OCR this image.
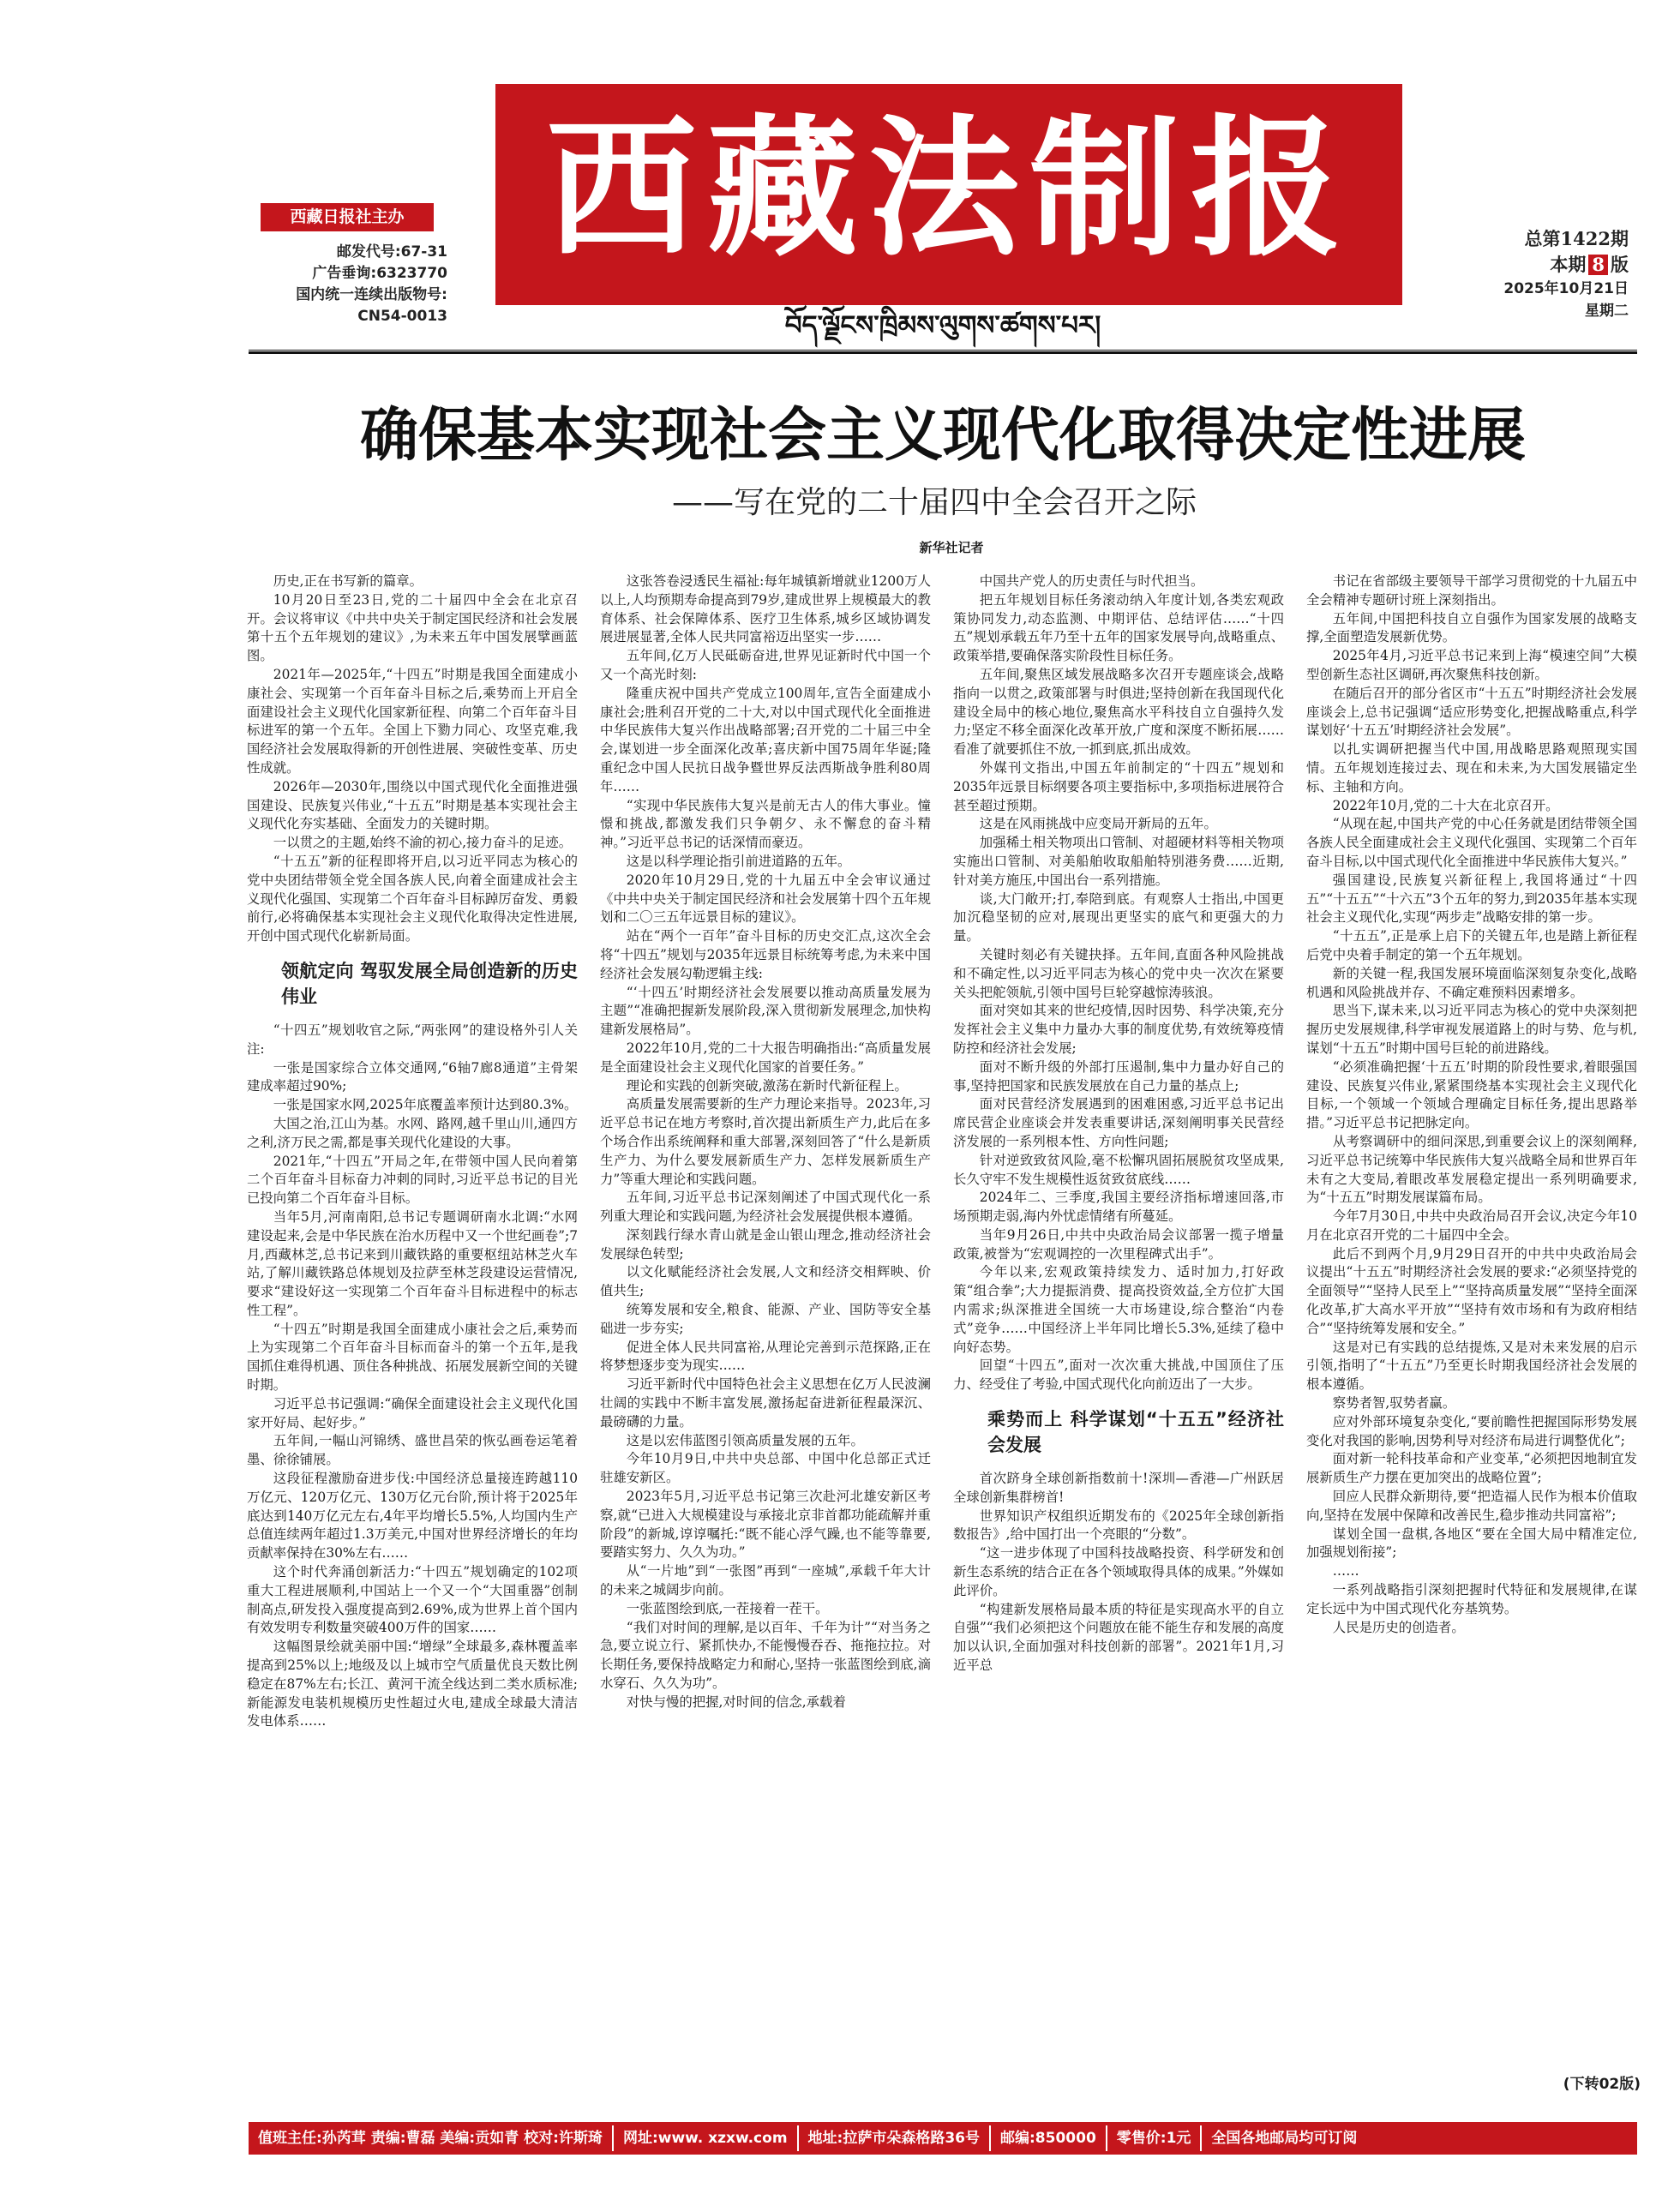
西藏法制报
西藏日报社主办
邮发代号:67-31
广告垂询:6323770
国内统一连续出版物号:
CN54-0013
总第1422期
本期 8 版
2025年10月21日
星期二
བོད་ལྗོངས་ཁྲིམས་ལུགས་ཚགས་པར།
确保基本实现社会主义现代化取得决定性进展
——写在党的二十届四中全会召开之际
新华社记者

历史,正在书写新的篇章。

10月20日至23日,党的二十届四中全会在北京召开。会议将审议《中共中央关于制定国民经济和社会发展第十五个五年规划的建议》,为未来五年中国发展擘画蓝图。

2021年—2025年,“十四五”时期是我国全面建成小康社会、实现第一个百年奋斗目标之后,乘势而上开启全面建设社会主义现代化国家新征程、向第二个百年奋斗目标进军的第一个五年。全国上下勠力同心、攻坚克难,我国经济社会发展取得新的开创性进展、突破性变革、历史性成就。

2026年—2030年,围绕以中国式现代化全面推进强国建设、民族复兴伟业,“十五五”时期是基本实现社会主义现代化夯实基础、全面发力的关键时期。

一以贯之的主题,始终不渝的初心,接力奋斗的足迹。

“十五五”新的征程即将开启,以习近平同志为核心的党中央团结带领全党全国各族人民,向着全面建成社会主义现代化强国、实现第二个百年奋斗目标踔厉奋发、勇毅前行,必将确保基本实现社会主义现代化取得决定性进展,开创中国式现代化崭新局面。

领航定向 驾驭发展全局创造新的历史伟业

“十四五”规划收官之际,“两张网”的建设格外引人关注:

一张是国家综合立体交通网,“6轴7廊8通道”主骨架建成率超过90%;

一张是国家水网,2025年底覆盖率预计达到80.3%。

大国之治,江山为基。水网、路网,越千里山川,通四方之利,济万民之需,都是事关现代化建设的大事。

2021年,“十四五”开局之年,在带领中国人民向着第二个百年奋斗目标奋力冲刺的同时,习近平总书记的目光已投向第二个百年奋斗目标。

当年5月,河南南阳,总书记专题调研南水北调:“水网建设起来,会是中华民族在治水历程中又一个世纪画卷”;7月,西藏林芝,总书记来到川藏铁路的重要枢纽站林芝火车站,了解川藏铁路总体规划及拉萨至林芝段建设运营情况,要求“建设好这一实现第二个百年奋斗目标进程中的标志性工程”。

“十四五”时期是我国全面建成小康社会之后,乘势而上为实现第二个百年奋斗目标而奋斗的第一个五年,是我国抓住难得机遇、顶住各种挑战、拓展发展新空间的关键时期。

习近平总书记强调:“确保全面建设社会主义现代化国家开好局、起好步。”

五年间,一幅山河锦绣、盛世昌荣的恢弘画卷运笔着墨、徐徐铺展。

这段征程激励奋进步伐:中国经济总量接连跨越110万亿元、120万亿元、130万亿元台阶,预计将于2025年底达到140万亿元左右,4年平均增长5.5%,人均国内生产总值连续两年超过1.3万美元,中国对世界经济增长的年均贡献率保持在30%左右……

这个时代奔涌创新活力:“十四五”规划确定的102项重大工程进展顺利,中国站上一个又一个“大国重器”创制制高点,研发投入强度提高到2.69%,成为世界上首个国内有效发明专利数量突破400万件的国家……

这幅图景绘就美丽中国:“增绿”全球最多,森林覆盖率提高到25%以上;地级及以上城市空气质量优良天数比例稳定在87%左右;长江、黄河干流全线达到二类水质标准;新能源发电装机规模历史性超过火电,建成全球最大清洁发电体系……

这张答卷浸透民生福祉:每年城镇新增就业1200万人以上,人均预期寿命提高到79岁,建成世界上规模最大的教育体系、社会保障体系、医疗卫生体系,城乡区域协调发展进展显著,全体人民共同富裕迈出坚实一步……

五年间,亿万人民砥砺奋进,世界见证新时代中国一个又一个高光时刻:

隆重庆祝中国共产党成立100周年,宣告全面建成小康社会;胜利召开党的二十大,对以中国式现代化全面推进中华民族伟大复兴作出战略部署;召开党的二十届三中全会,谋划进一步全面深化改革;喜庆新中国75周年华诞;隆重纪念中国人民抗日战争暨世界反法西斯战争胜利80周年……

“实现中华民族伟大复兴是前无古人的伟大事业。憧憬和挑战,都激发我们只争朝夕、永不懈怠的奋斗精神。”习近平总书记的话深情而豪迈。

这是以科学理论指引前进道路的五年。

2020年10月29日,党的十九届五中全会审议通过《中共中央关于制定国民经济和社会发展第十四个五年规划和二〇三五年远景目标的建议》。

站在“两个一百年”奋斗目标的历史交汇点,这次全会将“十四五”规划与2035年远景目标统筹考虑,为未来中国经济社会发展勾勒逻辑主线:

“‘十四五’时期经济社会发展要以推动高质量发展为主题”“准确把握新发展阶段,深入贯彻新发展理念,加快构建新发展格局”。

2022年10月,党的二十大报告明确指出:“高质量发展是全面建设社会主义现代化国家的首要任务。”

理论和实践的创新突破,激荡在新时代新征程上。

高质量发展需要新的生产力理论来指导。2023年,习近平总书记在地方考察时,首次提出新质生产力,此后在多个场合作出系统阐释和重大部署,深刻回答了“什么是新质生产力、为什么要发展新质生产力、怎样发展新质生产力”等重大理论和实践问题。

五年间,习近平总书记深刻阐述了中国式现代化一系列重大理论和实践问题,为经济社会发展提供根本遵循。

深刻践行绿水青山就是金山银山理念,推动经济社会发展绿色转型;

以文化赋能经济社会发展,人文和经济交相辉映、价值共生;

统筹发展和安全,粮食、能源、产业、国防等安全基础进一步夯实;

促进全体人民共同富裕,从理论完善到示范探路,正在将梦想逐步变为现实……

习近平新时代中国特色社会主义思想在亿万人民波澜壮阔的实践中不断丰富发展,激扬起奋进新征程最深沉、最磅礴的力量。

这是以宏伟蓝图引领高质量发展的五年。

今年10月9日,中共中央总部、中国中化总部正式迁驻雄安新区。

2023年5月,习近平总书记第三次赴河北雄安新区考察,就“已进入大规模建设与承接北京非首都功能疏解并重阶段”的新城,谆谆嘱托:“既不能心浮气躁,也不能等靠要,要踏实努力、久久为功。”

从“一片地”到“一张图”再到“一座城”,承载千年大计的未来之城阔步向前。

一张蓝图绘到底,一茬接着一茬干。

“我们对时间的理解,是以百年、千年为计”“对当务之急,要立说立行、紧抓快办,不能慢慢吞吞、拖拖拉拉。对长期任务,要保持战略定力和耐心,坚持一张蓝图绘到底,滴水穿石、久久为功”。

对快与慢的把握,对时间的信念,承载着

中国共产党人的历史责任与时代担当。

把五年规划目标任务滚动纳入年度计划,各类宏观政策协同发力,动态监测、中期评估、总结评估……“十四五”规划承载五年乃至十五年的国家发展导向,战略重点、政策举措,要确保落实阶段性目标任务。

五年间,聚焦区域发展战略多次召开专题座谈会,战略指向一以贯之,政策部署与时俱进;坚持创新在我国现代化建设全局中的核心地位,聚焦高水平科技自立自强持久发力;坚定不移全面深化改革开放,广度和深度不断拓展……看准了就要抓住不放,一抓到底,抓出成效。

外媒刊文指出,中国五年前制定的“十四五”规划和2035年远景目标纲要各项主要指标中,多项指标进展符合甚至超过预期。

这是在风雨挑战中应变局开新局的五年。

加强稀土相关物项出口管制、对超硬材料等相关物项实施出口管制、对美船舶收取船舶特别港务费……近期,针对美方施压,中国出台一系列措施。

谈,大门敞开;打,奉陪到底。有观察人士指出,中国更加沉稳坚韧的应对,展现出更坚实的底气和更强大的力量。

关键时刻必有关键抉择。五年间,直面各种风险挑战和不确定性,以习近平同志为核心的党中央一次次在紧要关头把舵领航,引领中国号巨轮穿越惊涛骇浪。

面对突如其来的世纪疫情,因时因势、科学决策,充分发挥社会主义集中力量办大事的制度优势,有效统筹疫情防控和经济社会发展;

面对不断升级的外部打压遏制,集中力量办好自己的事,坚持把国家和民族发展放在自己力量的基点上;

面对民营经济发展遇到的困难困惑,习近平总书记出席民营企业座谈会并发表重要讲话,深刻阐明事关民营经济发展的一系列根本性、方向性问题;

针对逆致致贫风险,毫不松懈巩固拓展脱贫攻坚成果,长久守牢不发生规模性返贫致贫底线……

2024年二、三季度,我国主要经济指标增速回落,市场预期走弱,海内外忧虑情绪有所蔓延。

当年9月26日,中共中央政治局会议部署一揽子增量政策,被誉为“宏观调控的一次里程碑式出手”。

今年以来,宏观政策持续发力、适时加力,打好政策“组合拳”;大力提振消费、提高投资效益,全方位扩大国内需求;纵深推进全国统一大市场建设,综合整治“内卷式”竞争……中国经济上半年同比增长5.3%,延续了稳中向好态势。

回望“十四五”,面对一次次重大挑战,中国顶住了压力、经受住了考验,中国式现代化向前迈出了一大步。

乘势而上 科学谋划“十五五”经济社会发展

首次跻身全球创新指数前十!深圳—香港—广州跃居全球创新集群榜首!

世界知识产权组织近期发布的《2025年全球创新指数报告》,给中国打出一个亮眼的“分数”。

“这一进步体现了中国科技战略投资、科学研发和创新生态系统的结合正在各个领域取得具体的成果。”外媒如此评价。

“构建新发展格局最本质的特征是实现高水平的自立自强”“我们必须把这个问题放在能不能生存和发展的高度加以认识,全面加强对科技创新的部署”。2021年1月,习近平总

书记在省部级主要领导干部学习贯彻党的十九届五中全会精神专题研讨班上深刻指出。

五年间,中国把科技自立自强作为国家发展的战略支撑,全面塑造发展新优势。

2025年4月,习近平总书记来到上海“模速空间”大模型创新生态社区调研,再次聚焦科技创新。

在随后召开的部分省区市“十五五”时期经济社会发展座谈会上,总书记强调“适应形势变化,把握战略重点,科学谋划好‘十五五’时期经济社会发展”。

以扎实调研把握当代中国,用战略思路观照现实国情。五年规划连接过去、现在和未来,为大国发展锚定坐标、主轴和方向。

2022年10月,党的二十大在北京召开。

“从现在起,中国共产党的中心任务就是团结带领全国各族人民全面建成社会主义现代化强国、实现第二个百年奋斗目标,以中国式现代化全面推进中华民族伟大复兴。”

强国建设,民族复兴新征程上,我国将通过“十四五”“十五五”“十六五”3个五年的努力,到2035年基本实现社会主义现代化,实现“两步走”战略安排的第一步。

“十五五”,正是承上启下的关键五年,也是踏上新征程后党中央着手制定的第一个五年规划。

新的关键一程,我国发展环境面临深刻复杂变化,战略机遇和风险挑战并存、不确定难预料因素增多。

思当下,谋未来,以习近平同志为核心的党中央深刻把握历史发展规律,科学审视发展道路上的时与势、危与机,谋划“十五五”时期中国号巨轮的前进路线。

“必须准确把握‘十五五’时期的阶段性要求,着眼强国建设、民族复兴伟业,紧紧围绕基本实现社会主义现代化目标,一个领域一个领域合理确定目标任务,提出思路举措。”习近平总书记把脉定向。

从考察调研中的细问深思,到重要会议上的深刻阐释,习近平总书记统筹中华民族伟大复兴战略全局和世界百年未有之大变局,着眼改革发展稳定提出一系列明确要求,为“十五五”时期发展谋篇布局。

今年7月30日,中共中央政治局召开会议,决定今年10月在北京召开党的二十届四中全会。

此后不到两个月,9月29日召开的中共中央政治局会议提出“十五五”时期经济社会发展的要求:“必须坚持党的全面领导”“坚持人民至上”“坚持高质量发展”“坚持全面深化改革,扩大高水平开放”“坚持有效市场和有为政府相结合”“坚持统筹发展和安全。”

这是对已有实践的总结提炼,又是对未来发展的启示引领,指明了“十五五”乃至更长时期我国经济社会发展的根本遵循。

察势者智,驭势者赢。

应对外部环境复杂变化,“要前瞻性把握国际形势发展变化对我国的影响,因势利导对经济布局进行调整优化”;

面对新一轮科技革命和产业变革,“必须把因地制宜发展新质生产力摆在更加突出的战略位置”;

回应人民群众新期待,要“把造福人民作为根本价值取向,坚持在发展中保障和改善民生,稳步推动共同富裕”;

谋划全国一盘棋,各地区“要在全国大局中精准定位,加强规划衔接”;

……

一系列战略指引深刻把握时代特征和发展规律,在谋定长远中为中国式现代化夯基筑势。

人民是历史的创造者。

(下转02版)
值班主任:孙芮茸 责编:曹磊 美编:贡如青 校对:许斯琦	网址:www. xzxw.com	地址:拉萨市朵森格路36号	邮编:850000	零售价:1元	全国各地邮局均可订阅
